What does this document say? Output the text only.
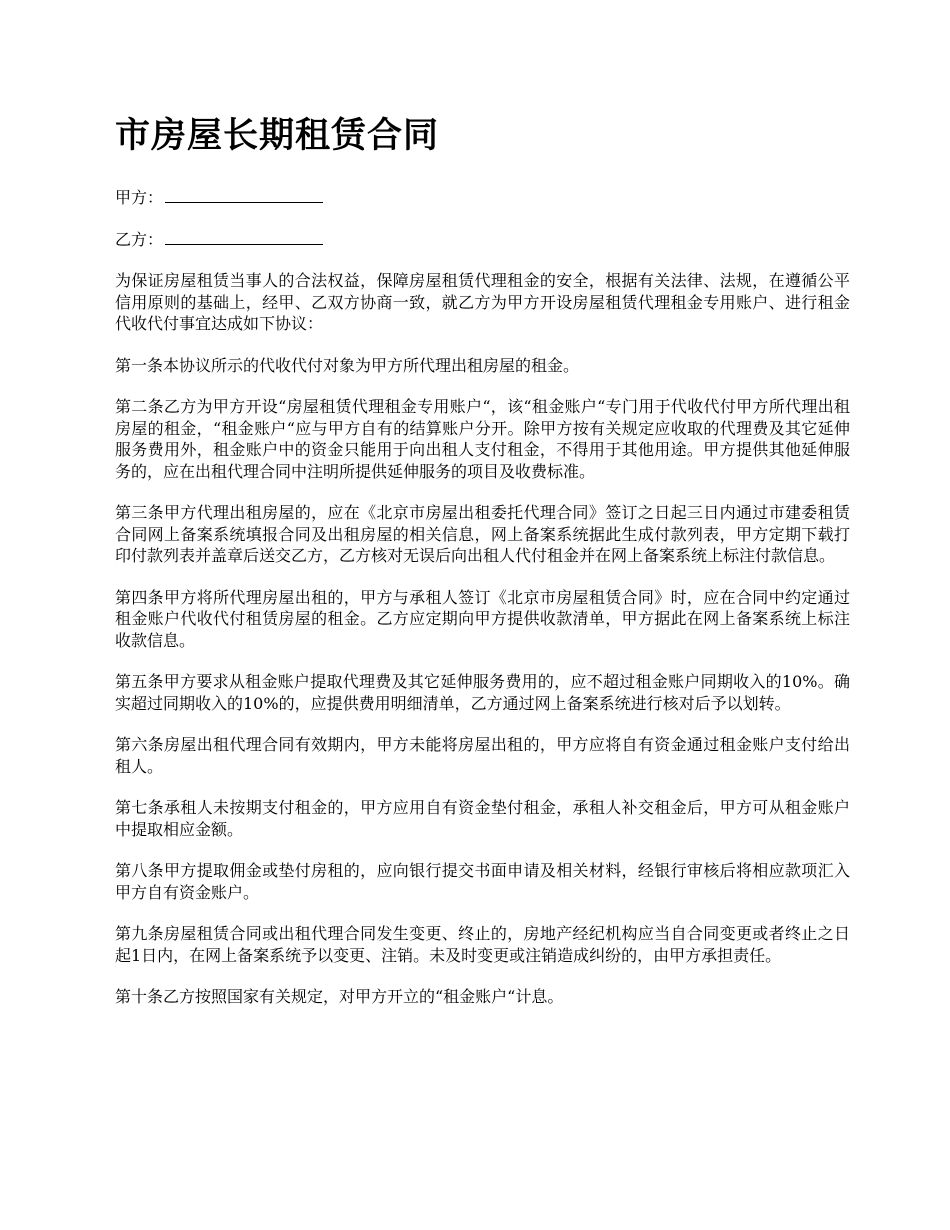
市房屋长期租赁合同
甲方：
乙方：

为保证房屋租赁当事人的合法权益，保障房屋租赁代理租金的安全，根据有关法律、法规，在遵循公平信用原则的基础上，经甲、乙双方协商一致，就乙方为甲方开设房屋租赁代理租金专用账户、进行租金代收代付事宜达成如下协议：

第一条本协议所示的代收代付对象为甲方所代理出租房屋的租金。

第二条乙方为甲方开设“房屋租赁代理租金专用账户“，该“租金账户“专门用于代收代付甲方所代理出租房屋的租金，“租金账户“应与甲方自有的结算账户分开。除甲方按有关规定应收取的代理费及其它延伸服务费用外，租金账户中的资金只能用于向出租人支付租金，不得用于其他用途。甲方提供其他延伸服务的，应在出租代理合同中注明所提供延伸服务的项目及收费标准。

第三条甲方代理出租房屋的，应在《北京市房屋出租委托代理合同》签订之日起三日内通过市建委租赁合同网上备案系统填报合同及出租房屋的相关信息，网上备案系统据此生成付款列表，甲方定期下载打印付款列表并盖章后送交乙方，乙方核对无误后向出租人代付租金并在网上备案系统上标注付款信息。

第四条甲方将所代理房屋出租的，甲方与承租人签订《北京市房屋租赁合同》时，应在合同中约定通过租金账户代收代付租赁房屋的租金。乙方应定期向甲方提供收款清单，甲方据此在网上备案系统上标注收款信息。

第五条甲方要求从租金账户提取代理费及其它延伸服务费用的，应不超过租金账户同期收入的10%。确实超过同期收入的10%的，应提供费用明细清单，乙方通过网上备案系统进行核对后予以划转。

第六条房屋出租代理合同有效期内，甲方未能将房屋出租的，甲方应将自有资金通过租金账户支付给出租人。

第七条承租人未按期支付租金的，甲方应用自有资金垫付租金，承租人补交租金后，甲方可从租金账户中提取相应金额。

第八条甲方提取佣金或垫付房租的，应向银行提交书面申请及相关材料，经银行审核后将相应款项汇入甲方自有资金账户。

第九条房屋租赁合同或出租代理合同发生变更、终止的，房地产经纪机构应当自合同变更或者终止之日起1日内，在网上备案系统予以变更、注销。未及时变更或注销造成纠纷的，由甲方承担责任。

第十条乙方按照国家有关规定，对甲方开立的“租金账户“计息。
